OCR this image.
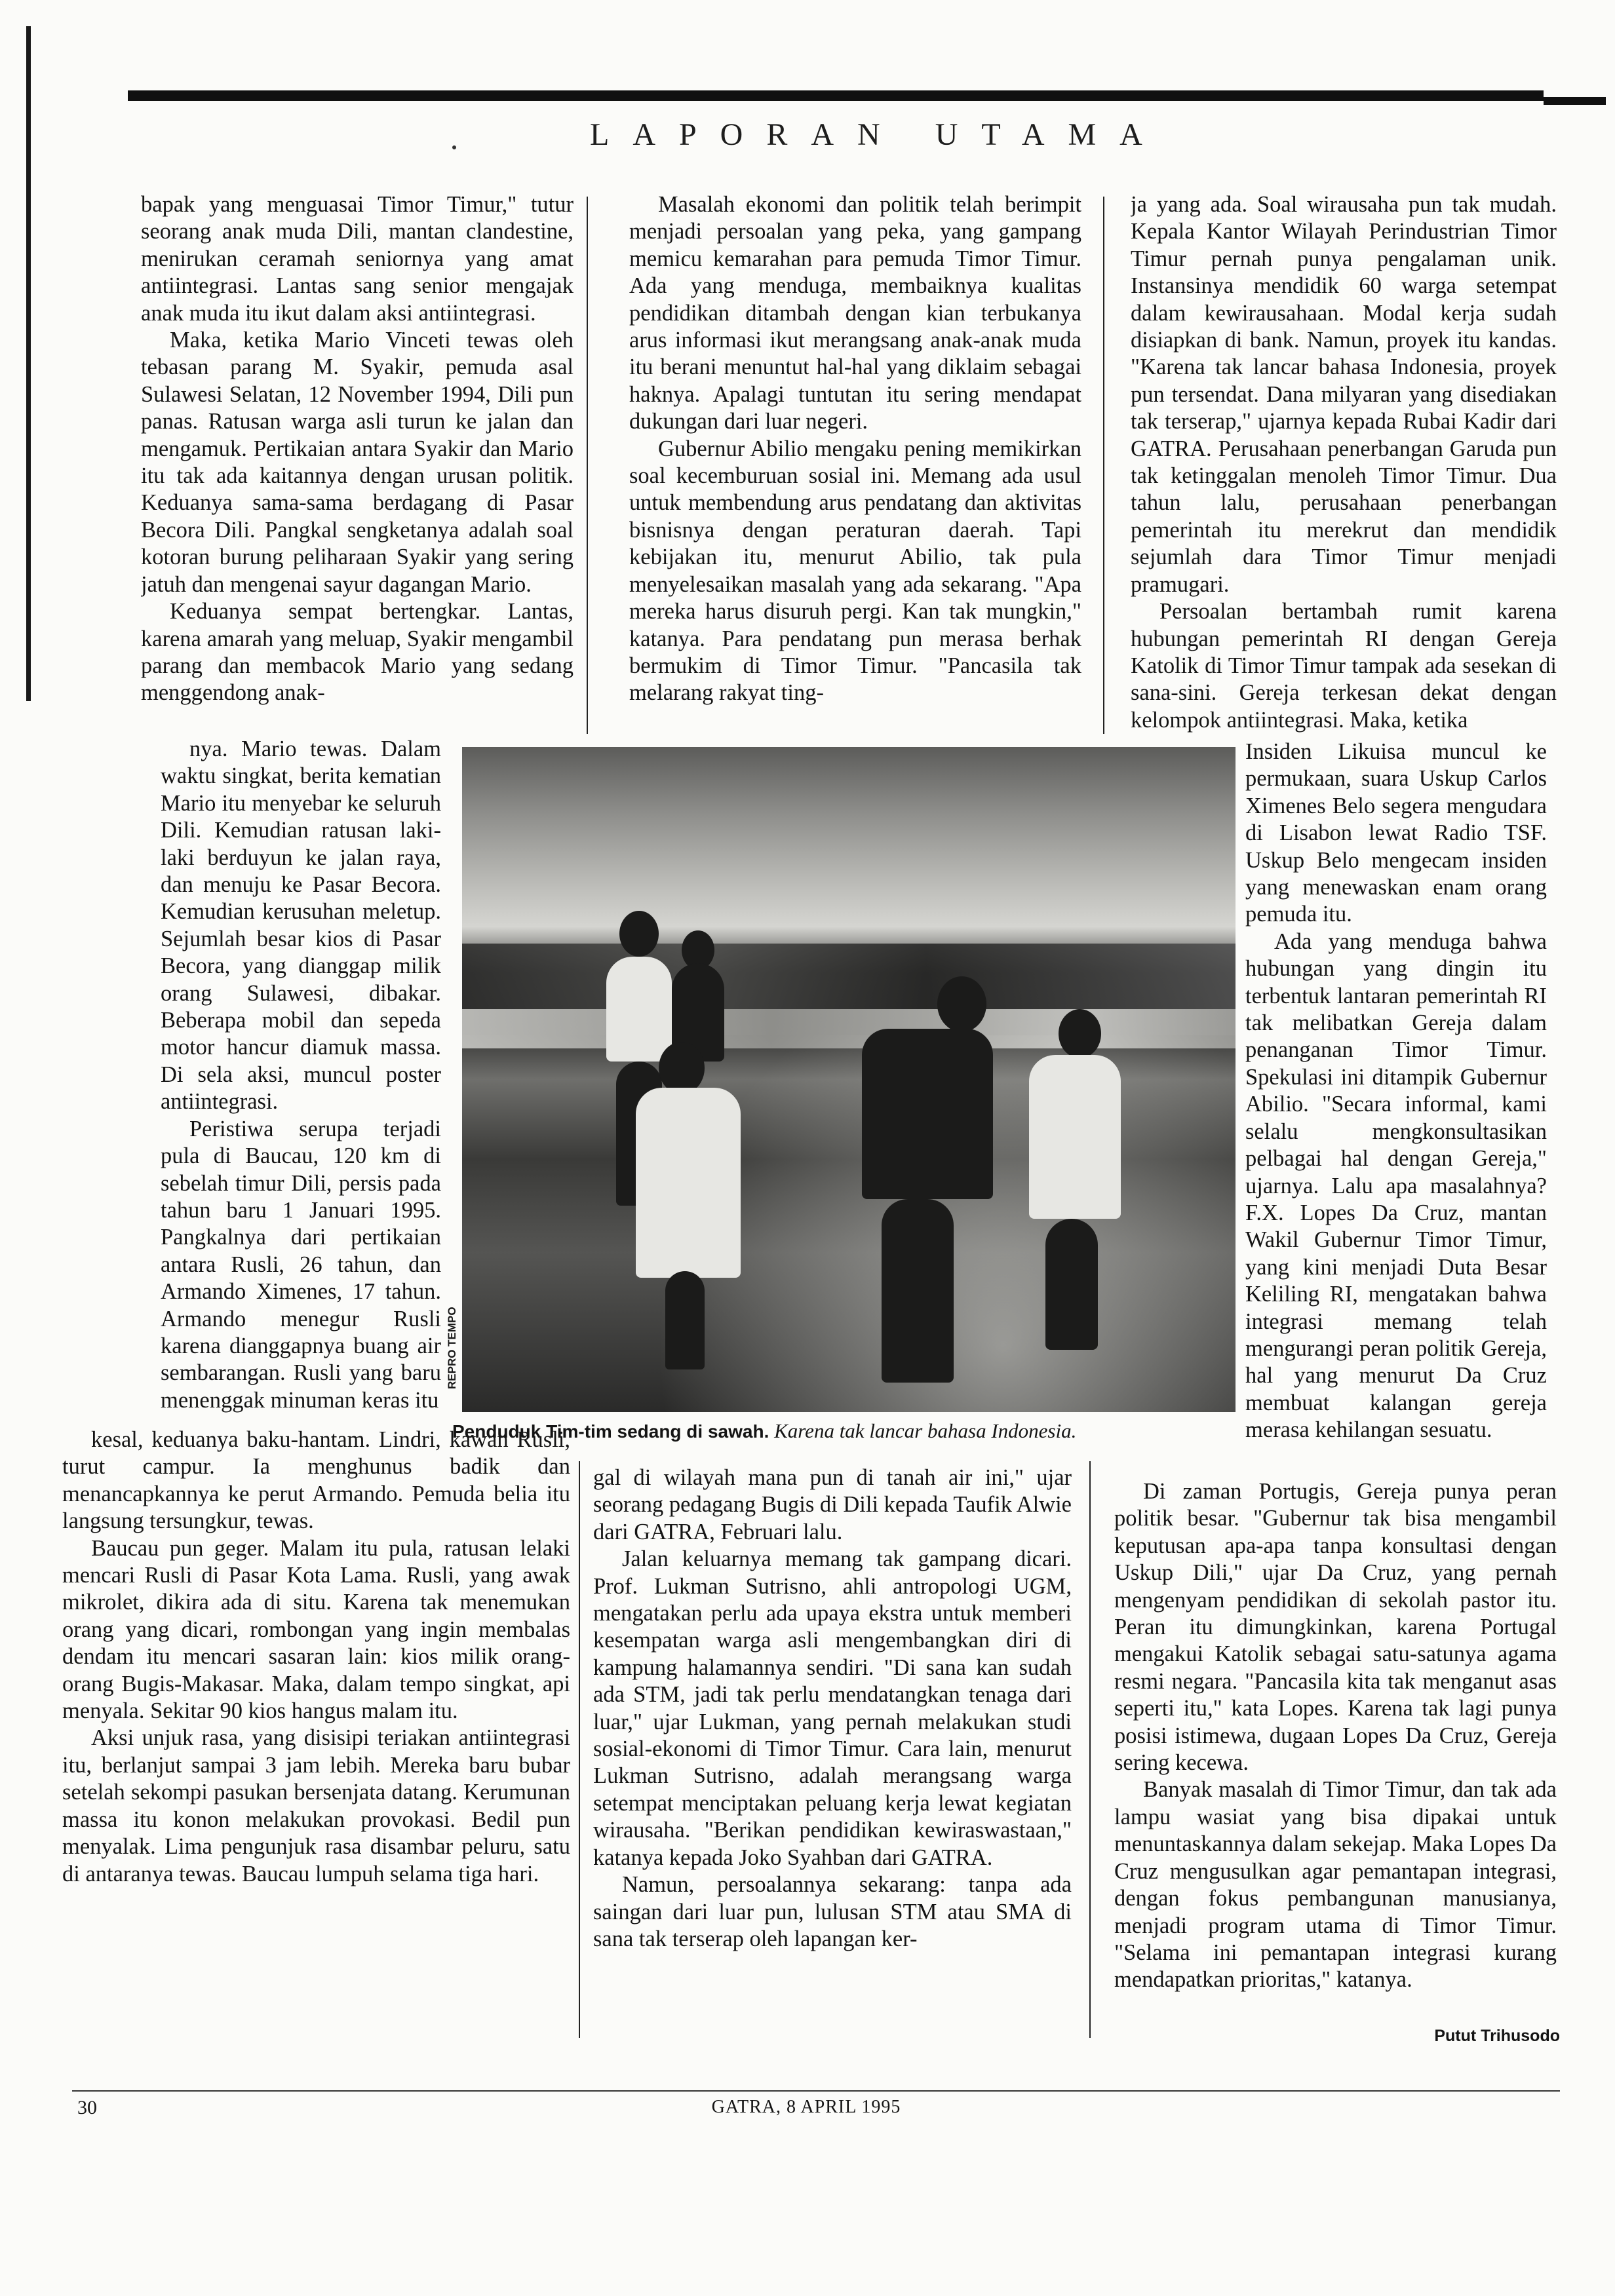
LAPORAN UTAMA

bapak yang menguasai Timor Timur," tutur seorang anak muda Dili, mantan clandestine, menirukan ceramah seniornya yang amat antiintegrasi. Lantas sang senior mengajak anak muda itu ikut dalam aksi antiintegrasi.

Maka, ketika Mario Vinceti tewas oleh tebasan parang M. Syakir, pemuda asal Sulawesi Selatan, 12 November 1994, Dili pun panas. Ratusan warga asli turun ke jalan dan mengamuk. Pertikaian antara Syakir dan Mario itu tak ada kaitannya dengan urusan politik. Keduanya sama-sama berdagang di Pasar Becora Dili. Pangkal sengketanya adalah soal kotoran burung peliharaan Syakir yang sering jatuh dan mengenai sayur dagangan Mario.

Keduanya sempat bertengkar. Lantas, karena amarah yang meluap, Syakir mengambil parang dan membacok Mario yang sedang menggendong anak-

nya. Mario tewas. Dalam waktu singkat, berita kematian Mario itu menyebar ke seluruh Dili. Kemudian ratusan laki-laki berduyun ke jalan raya, dan menuju ke Pasar Becora. Kemudian kerusuhan meletup. Sejumlah besar kios di Pasar Becora, yang dianggap milik orang Sulawesi, dibakar. Beberapa mobil dan sepeda motor hancur diamuk massa. Di sela aksi, muncul poster antiintegrasi.

Peristiwa serupa terjadi pula di Baucau, 120 km di sebelah timur Dili, persis pada tahun baru 1 Januari 1995. Pangkalnya dari pertikaian antara Rusli, 26 tahun, dan Armando Ximenes, 17 tahun. Armando menegur Rusli karena dianggapnya buang air sembarangan. Rusli yang baru menenggak minuman keras itu

kesal, keduanya baku-hantam. Lindri, kawan Rusli, turut campur. Ia menghunus badik dan menancapkannya ke perut Armando. Pemuda belia itu langsung tersungkur, tewas.

Baucau pun geger. Malam itu pula, ratusan lelaki mencari Rusli di Pasar Kota Lama. Rusli, yang awak mikrolet, dikira ada di situ. Karena tak menemukan orang yang dicari, rombongan yang ingin membalas dendam itu mencari sasaran lain: kios milik orang-orang Bugis-Makasar. Maka, dalam tempo singkat, api menyala. Sekitar 90 kios hangus malam itu.

Aksi unjuk rasa, yang disisipi teriakan antiintegrasi itu, berlanjut sampai 3 jam lebih. Mereka baru bubar setelah sekompi pasukan bersenjata datang. Kerumunan massa itu konon melakukan provokasi. Bedil pun menyalak. Lima pengunjuk rasa disambar peluru, satu di antaranya tewas. Baucau lumpuh selama tiga hari.

Masalah ekonomi dan politik telah berimpit menjadi persoalan yang peka, yang gampang memicu kemarahan para pemuda Timor Timur. Ada yang menduga, membaiknya kualitas pendidikan ditambah dengan kian terbukanya arus informasi ikut merangsang anak-anak muda itu berani menuntut hal-hal yang diklaim sebagai haknya. Apalagi tuntutan itu sering mendapat dukungan dari luar negeri.

Gubernur Abilio mengaku pening memikirkan soal kecemburuan sosial ini. Memang ada usul untuk membendung arus pendatang dan aktivitas bisnisnya dengan peraturan daerah. Tapi kebijakan itu, menurut Abilio, tak pula menyelesaikan masalah yang ada sekarang. "Apa mereka harus disuruh pergi. Kan tak mungkin," katanya. Para pendatang pun merasa berhak bermukim di Timor Timur. "Pancasila tak melarang rakyat ting-

gal di wilayah mana pun di tanah air ini," ujar seorang pedagang Bugis di Dili kepada Taufik Alwie dari GATRA, Februari lalu.

Jalan keluarnya memang tak gampang dicari. Prof. Lukman Sutrisno, ahli antropologi UGM, mengatakan perlu ada upaya ekstra untuk memberi kesempatan warga asli mengembangkan diri di kampung halamannya sendiri. "Di sana kan sudah ada STM, jadi tak perlu mendatangkan tenaga dari luar," ujar Lukman, yang pernah melakukan studi sosial-ekonomi di Timor Timur. Cara lain, menurut Lukman Sutrisno, adalah merangsang warga setempat menciptakan peluang kerja lewat kegiatan wirausaha. "Berikan pendidikan kewiraswastaan," katanya kepada Joko Syahban dari GATRA.

Namun, persoalannya sekarang: tanpa ada saingan dari luar pun, lulusan STM atau SMA di sana tak terserap oleh lapangan ker-

ja yang ada. Soal wirausaha pun tak mudah. Kepala Kantor Wilayah Perindustrian Timor Timur pernah punya pengalaman unik. Instansinya mendidik 60 warga setempat dalam kewirausahaan. Modal kerja sudah disiapkan di bank. Namun, proyek itu kandas. "Karena tak lancar bahasa Indonesia, proyek pun tersendat. Dana milyaran yang disediakan tak terserap," ujarnya kepada Rubai Kadir dari GATRA. Perusahaan penerbangan Garuda pun tak ketinggalan menoleh Timor Timur. Dua tahun lalu, perusahaan penerbangan pemerintah itu merekrut dan mendidik sejumlah dara Timor Timur menjadi pramugari.

Persoalan bertambah rumit karena hubungan pemerintah RI dengan Gereja Katolik di Timor Timur tampak ada sesekan di sana-sini. Gereja terkesan dekat dengan kelompok antiintegrasi. Maka, ketika

Insiden Likuisa muncul ke permukaan, suara Uskup Carlos Ximenes Belo segera mengudara di Lisabon lewat Radio TSF. Uskup Belo mengecam insiden yang menewaskan enam orang pemuda itu.

Ada yang menduga bahwa hubungan yang dingin itu terbentuk lantaran pemerintah RI tak melibatkan Gereja dalam penanganan Timor Timur. Spekulasi ini ditampik Gubernur Abilio. "Secara informal, kami selalu mengkonsultasikan pelbagai hal dengan Gereja," ujarnya. Lalu apa masalahnya? F.X. Lopes Da Cruz, mantan Wakil Gubernur Timor Timur, yang kini menjadi Duta Besar Keliling RI, mengatakan bahwa integrasi memang telah mengurangi peran politik Gereja, hal yang menurut Da Cruz membuat kalangan gereja merasa kehilangan sesuatu.

Di zaman Portugis, Gereja punya peran politik besar. "Gubernur tak bisa mengambil keputusan apa-apa tanpa konsultasi dengan Uskup Dili," ujar Da Cruz, yang pernah mengenyam pendidikan di sekolah pastor itu. Peran itu dimungkinkan, karena Portugal mengakui Katolik sebagai satu-satunya agama resmi negara. "Pancasila kita tak menganut asas seperti itu," kata Lopes. Karena tak lagi punya posisi istimewa, dugaan Lopes Da Cruz, Gereja sering kecewa.

Banyak masalah di Timor Timur, dan tak ada lampu wasiat yang bisa dipakai untuk menuntaskannya dalam sekejap. Maka Lopes Da Cruz mengusulkan agar pemantapan integrasi, dengan fokus pembangunan manusianya, menjadi program utama di Timor Timur. "Selama ini pemantapan integrasi kurang mendapatkan prioritas," katanya.

REPRO TEMPO
Penduduk Tim-tim sedang di sawah. Karena tak lancar bahasa Indonesia.
Putut Trihusodo
30	GATRA, 8 APRIL 1995
